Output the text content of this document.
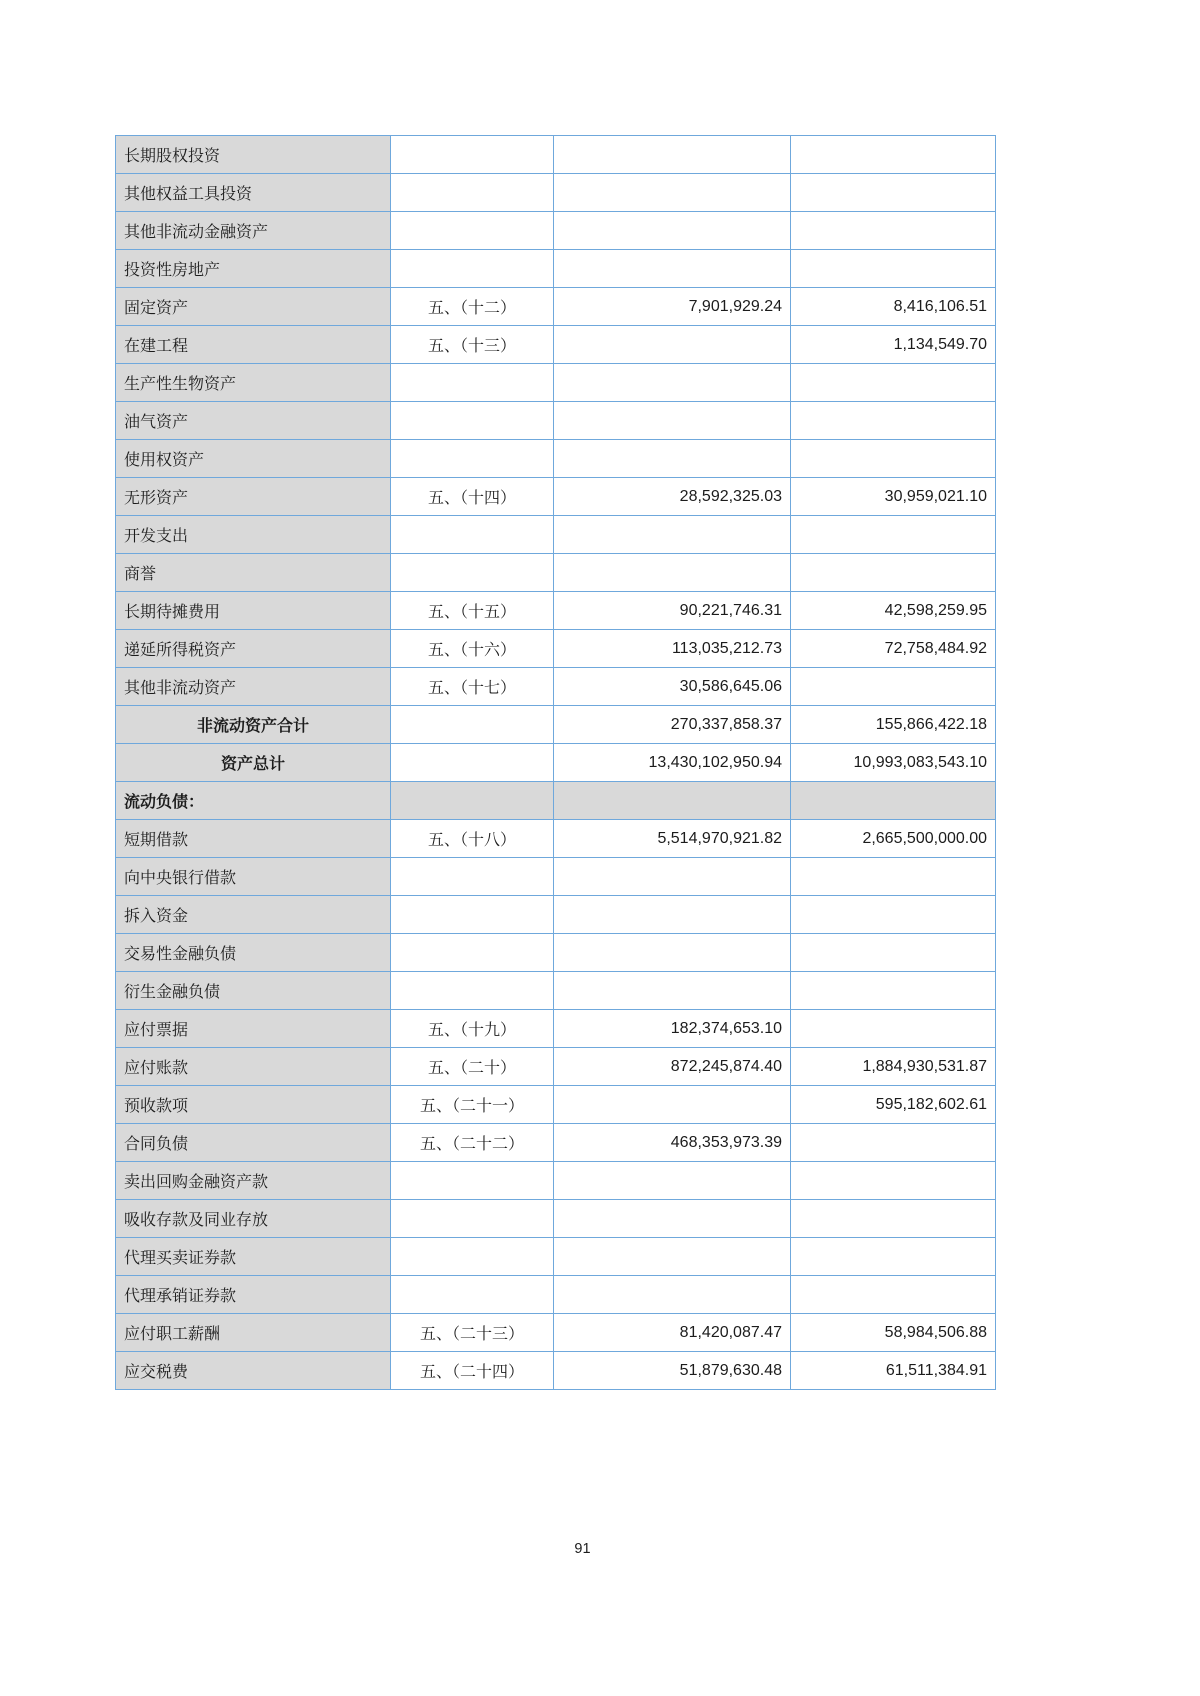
长期股权投资			
其他权益工具投资			
其他非流动金融资产			
投资性房地产			
固定资产	五、（十二）	7,901,929.24	8,416,106.51
在建工程	五、（十三）		1,134,549.70
生产性生物资产			
油气资产			
使用权资产			
无形资产	五、（十四）	28,592,325.03	30,959,021.10
开发支出			
商誉			
长期待摊费用	五、（十五）	90,221,746.31	42,598,259.95
递延所得税资产	五、（十六）	113,035,212.73	72,758,484.92
其他非流动资产	五、（十七）	30,586,645.06	
非流动资产合计		270,337,858.37	155,866,422.18
资产总计		13,430,102,950.94	10,993,083,543.10
流动负债：			
短期借款	五、（十八）	5,514,970,921.82	2,665,500,000.00
向中央银行借款			
拆入资金			
交易性金融负债			
衍生金融负债			
应付票据	五、（十九）	182,374,653.10	
应付账款	五、（二十）	872,245,874.40	1,884,930,531.87
预收款项	五、（二十一）		595,182,602.61
合同负债	五、（二十二）	468,353,973.39	
卖出回购金融资产款			
吸收存款及同业存放			
代理买卖证券款			
代理承销证券款			
应付职工薪酬	五、（二十三）	81,420,087.47	58,984,506.88
应交税费	五、（二十四）	51,879,630.48	61,511,384.91
91
